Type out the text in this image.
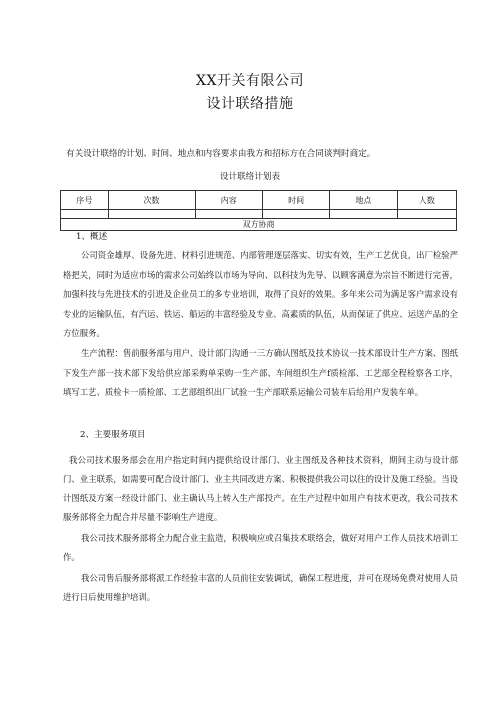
XX开关有限公司
设计联络措施
有关设计联络的计划、时间、地点和内容要求由我方和招标方在合同谈判时商定。
设计联络计划表
序号	次数	内容	时间	地点	人数

双方协商					
1、概述
公司资金雄厚、设备先进、材料引进规范、内部管理逐层落实、切实有效，生产工艺优良，出厂检验严格把关，同时为适应市场的需求公司始终以市场为导向、以科技为先导、以顾客满意为宗旨不断进行完善，加强科技与先进技术的引进及企业员工的多专业培训，取得了良好的效果。多年来公司为满足客户需求设有专业的运输队伍，有汽运、铁运、船运的丰富经验及专业、高素质的队伍，从而保证了供应、运送产品的全方位服务。
生产流程：售前服务部与用户、设计部门沟通一三方确认图纸及技术协议一技术部设计生产方案、图纸下发生产部一技术部下发给供应部采购单采购一生产部、车间组织生产f质检部、工艺部全程检察各工序，填写工艺、质检卡一质检部、工艺部组织出厂试验一生产部联系运输公司装车后给用户发装车单。
2、主要服务项目
我公司技术服务部会在用户指定时间内提供给设计部门、业主图纸及各种技术资料，期间主动与设计部门、业主联系，如需要可配合设计部门、业主共同改进方案、积极提供我公司以往的设计及施工经验。当设计图纸及方案一经设计部门、业主确认马上转入生产部投产。在生产过程中如用户有技术更改，我公司技术服务部将全力配合并尽量不影响生产进度。
我公司技术服务部将全力配合业主监造，积极响应或召集技术联络会，做好对用户工作人员技术培训工作。
我公司售后服务部将派工作经验丰富的人员前往安装调试，确保工程进度，并可在现场免费对使用人员进行日后使用维护培训。
